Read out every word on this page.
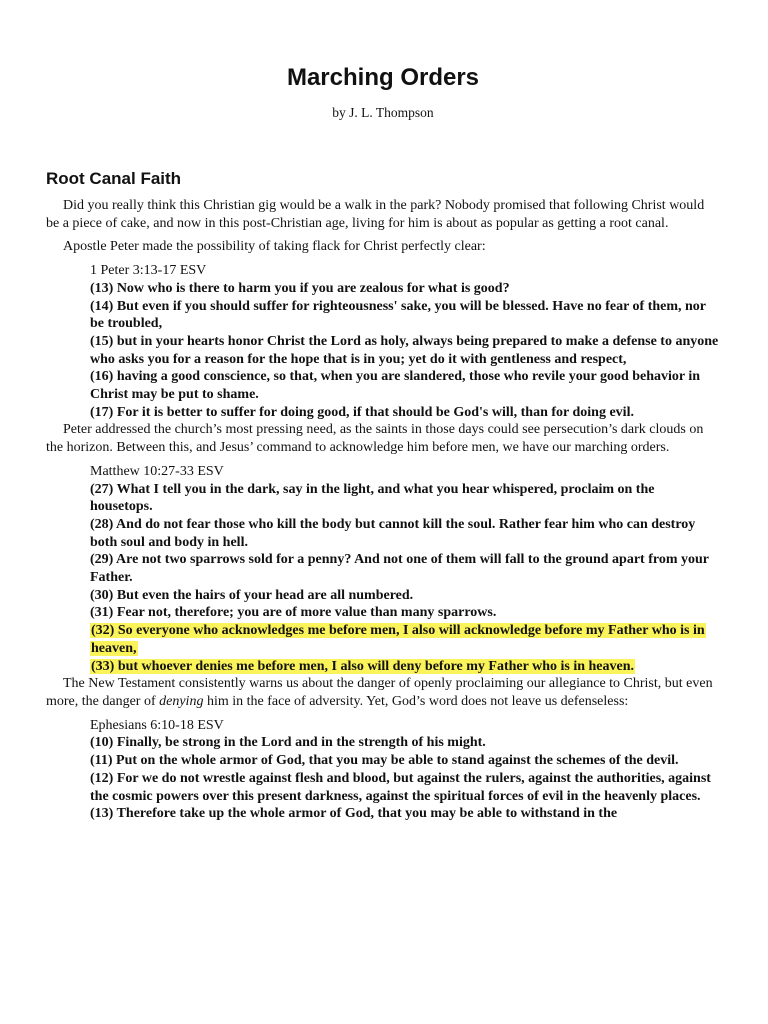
Marching Orders

by J. L. Thompson

Root Canal Faith

Did you really think this Christian gig would be a walk in the park? Nobody promised that following Christ would be a piece of cake, and now in this post-Christian age, living for him is about as popular as getting a root canal.

Apostle Peter made the possibility of taking flack for Christ perfectly clear:

1 Peter 3:13-17 ESV

(13) Now who is there to harm you if you are zealous for what is good?

(14) But even if you should suffer for righteousness' sake, you will be blessed. Have no fear of them, nor be troubled,

(15) but in your hearts honor Christ the Lord as holy, always being prepared to make a defense to anyone who asks you for a reason for the hope that is in you; yet do it with gentleness and respect,

(16) having a good conscience, so that, when you are slandered, those who revile your good behavior in Christ may be put to shame.

(17) For it is better to suffer for doing good, if that should be God's will, than for doing evil.

Peter addressed the church’s most pressing need, as the saints in those days could see persecution’s dark clouds on the horizon. Between this, and Jesus’ command to acknowledge him before men, we have our marching orders.

Matthew 10:27-33 ESV

(27) What I tell you in the dark, say in the light, and what you hear whispered, proclaim on the housetops.

(28) And do not fear those who kill the body but cannot kill the soul. Rather fear him who can destroy both soul and body in hell.

(29) Are not two sparrows sold for a penny? And not one of them will fall to the ground apart from your Father.

(30) But even the hairs of your head are all numbered.

(31) Fear not, therefore; you are of more value than many sparrows.

(32) So everyone who acknowledges me before men, I also will acknowledge before my Father who is in heaven,

(33) but whoever denies me before men, I also will deny before my Father who is in heaven.

The New Testament consistently warns us about the danger of openly proclaiming our allegiance to Christ, but even more, the danger of denying him in the face of adversity. Yet, God’s word does not leave us defenseless:

Ephesians 6:10-18 ESV

(10) Finally, be strong in the Lord and in the strength of his might.

(11) Put on the whole armor of God, that you may be able to stand against the schemes of the devil.

(12) For we do not wrestle against flesh and blood, but against the rulers, against the authorities, against the cosmic powers over this present darkness, against the spiritual forces of evil in the heavenly places.

(13) Therefore take up the whole armor of God, that you may be able to withstand in the
